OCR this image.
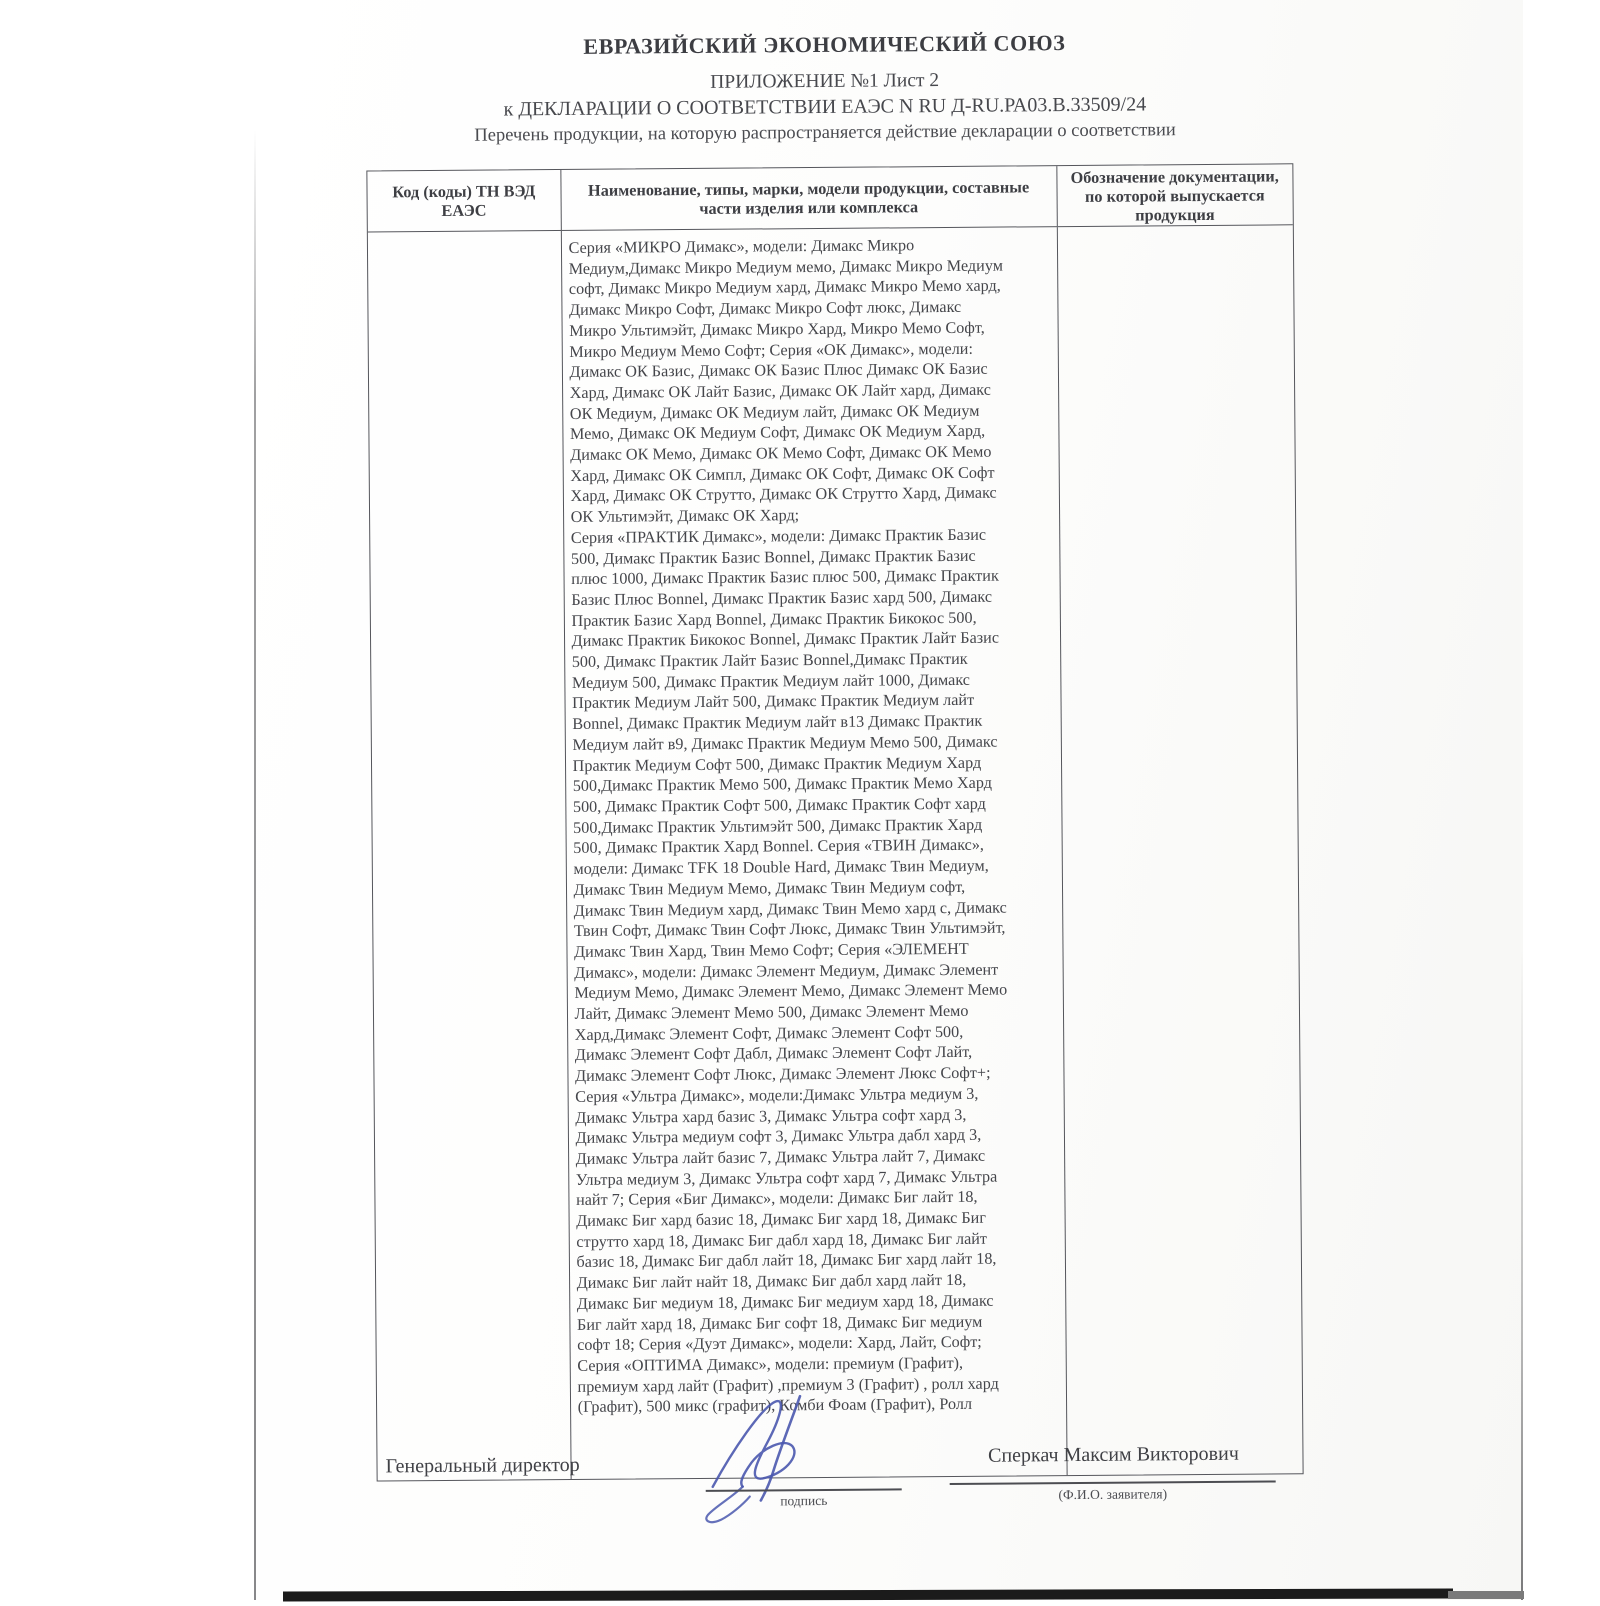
ЕВРАЗИЙСКИЙ ЭКОНОМИЧЕСКИЙ СОЮЗ
ПРИЛОЖЕНИЕ №1 Лист 2
к ДЕКЛАРАЦИИ О СООТВЕТСТВИИ ЕАЭС N RU Д-RU.РА03.В.33509/24
Перечень продукции, на которую распространяется действие декларации о соответствии
Код (коды) ТН ВЭД ЕАЭС
Наименование, типы, марки, модели продукции, составные части изделия или комплекса
Обозначение документации, по которой выпускается продукция
Серия «МИКРО Димакс», модели: Димакс Микро
Медиум,Димакс Микро Медиум мемо, Димакс Микро Медиум
софт, Димакс Микро Медиум хард, Димакс Микро Мемо хард,
Димакс Микро Софт, Димакс Микро Софт люкс, Димакс
Микро Ультимэйт, Димакс Микро Хард, Микро Мемо Софт,
Микро Медиум Мемо Софт; Серия «ОК Димакс», модели:
Димакс ОК Базис, Димакс ОК Базис Плюс Димакс ОК Базис
Хард, Димакс ОК Лайт Базис, Димакс ОК Лайт хард, Димакс
ОК Медиум, Димакс ОК Медиум лайт, Димакс ОК Медиум
Мемо, Димакс ОК Медиум Софт, Димакс ОК Медиум Хард,
Димакс ОК Мемо, Димакс ОК Мемо Софт, Димакс ОК Мемо
Хард, Димакс ОК Симпл, Димакс ОК Софт, Димакс ОК Софт
Хард, Димакс ОК Струтто, Димакс ОК Струтто Хард, Димакс
ОК Ультимэйт, Димакс ОК Хард;
Серия «ПРАКТИК Димакс», модели: Димакс Практик Базис
500, Димакс Практик Базис Bonnel, Димакс Практик Базис
плюс 1000, Димакс Практик Базис плюс 500, Димакс Практик
Базис Плюс Bonnel, Димакс Практик Базис хард 500, Димакс
Практик Базис Хард Bonnel, Димакс Практик Бикокос 500,
Димакс Практик Бикокос Bonnel, Димакс Практик Лайт Базис
500, Димакс Практик Лайт Базис Bonnel,Димакс Практик
Медиум 500, Димакс Практик Медиум лайт 1000, Димакс
Практик Медиум Лайт 500, Димакс Практик Медиум лайт
Bonnel, Димакс Практик Медиум лайт в13 Димакс Практик
Медиум лайт в9, Димакс Практик Медиум Мемо 500, Димакс
Практик Медиум Софт 500, Димакс Практик Медиум Хард
500,Димакс Практик Мемо 500, Димакс Практик Мемо Хард
500, Димакс Практик Софт 500, Димакс Практик Софт хард
500,Димакс Практик Ультимэйт 500, Димакс Практик Хард
500, Димакс Практик Хард Bonnel. Серия «ТВИН Димакс»,
модели: Димакс TFK 18 Double Hard, Димакс Твин Медиум,
Димакс Твин Медиум Мемо, Димакс Твин Медиум софт,
Димакс Твин Медиум хард, Димакс Твин Мемо хард с, Димакс
Твин Софт, Димакс Твин Софт Люкс, Димакс Твин Ультимэйт,
Димакс Твин Хард, Твин Мемо Софт; Серия «ЭЛЕМЕНТ
Димакс», модели: Димакс Элемент Медиум, Димакс Элемент
Медиум Мемо, Димакс Элемент Мемо, Димакс Элемент Мемо
Лайт, Димакс Элемент Мемо 500, Димакс Элемент Мемо
Хард,Димакс Элемент Софт, Димакс Элемент Софт 500,
Димакс Элемент Софт Дабл, Димакс Элемент Софт Лайт,
Димакс Элемент Софт Люкс, Димакс Элемент Люкс Софт+;
Серия «Ультра Димакс», модели:Димакс Ультра медиум 3,
Димакс Ультра хард базис 3, Димакс Ультра софт хард 3,
Димакс Ультра медиум софт 3, Димакс Ультра дабл хард 3,
Димакс Ультра лайт базис 7, Димакс Ультра лайт 7, Димакс
Ультра медиум 3, Димакс Ультра софт хард 7, Димакс Ультра
найт 7; Серия «Биг Димакс», модели: Димакс Биг лайт 18,
Димакс Биг хард базис 18, Димакс Биг хард 18, Димакс Биг
струтто хард 18, Димакс Биг дабл хард 18, Димакс Биг лайт
базис 18, Димакс Биг дабл лайт 18, Димакс Биг хард лайт 18,
Димакс Биг лайт найт 18, Димакс Биг дабл хард лайт 18,
Димакс Биг медиум 18, Димакс Биг медиум хард 18, Димакс
Биг лайт хард 18, Димакс Биг софт 18, Димакс Биг медиум
софт 18; Серия «Дуэт Димакс», модели: Хард, Лайт, Софт;
Серия «ОПТИМА Димакс», модели: премиум (Графит),
премиум хард лайт (Графит) ,премиум 3 (Графит) , ролл хард
(Графит), 500 микс (графит), Комби Фоам (Графит), Ролл
Генеральный директор
подпись
Сперкач Максим Викторович
(Ф.И.О. заявителя)
